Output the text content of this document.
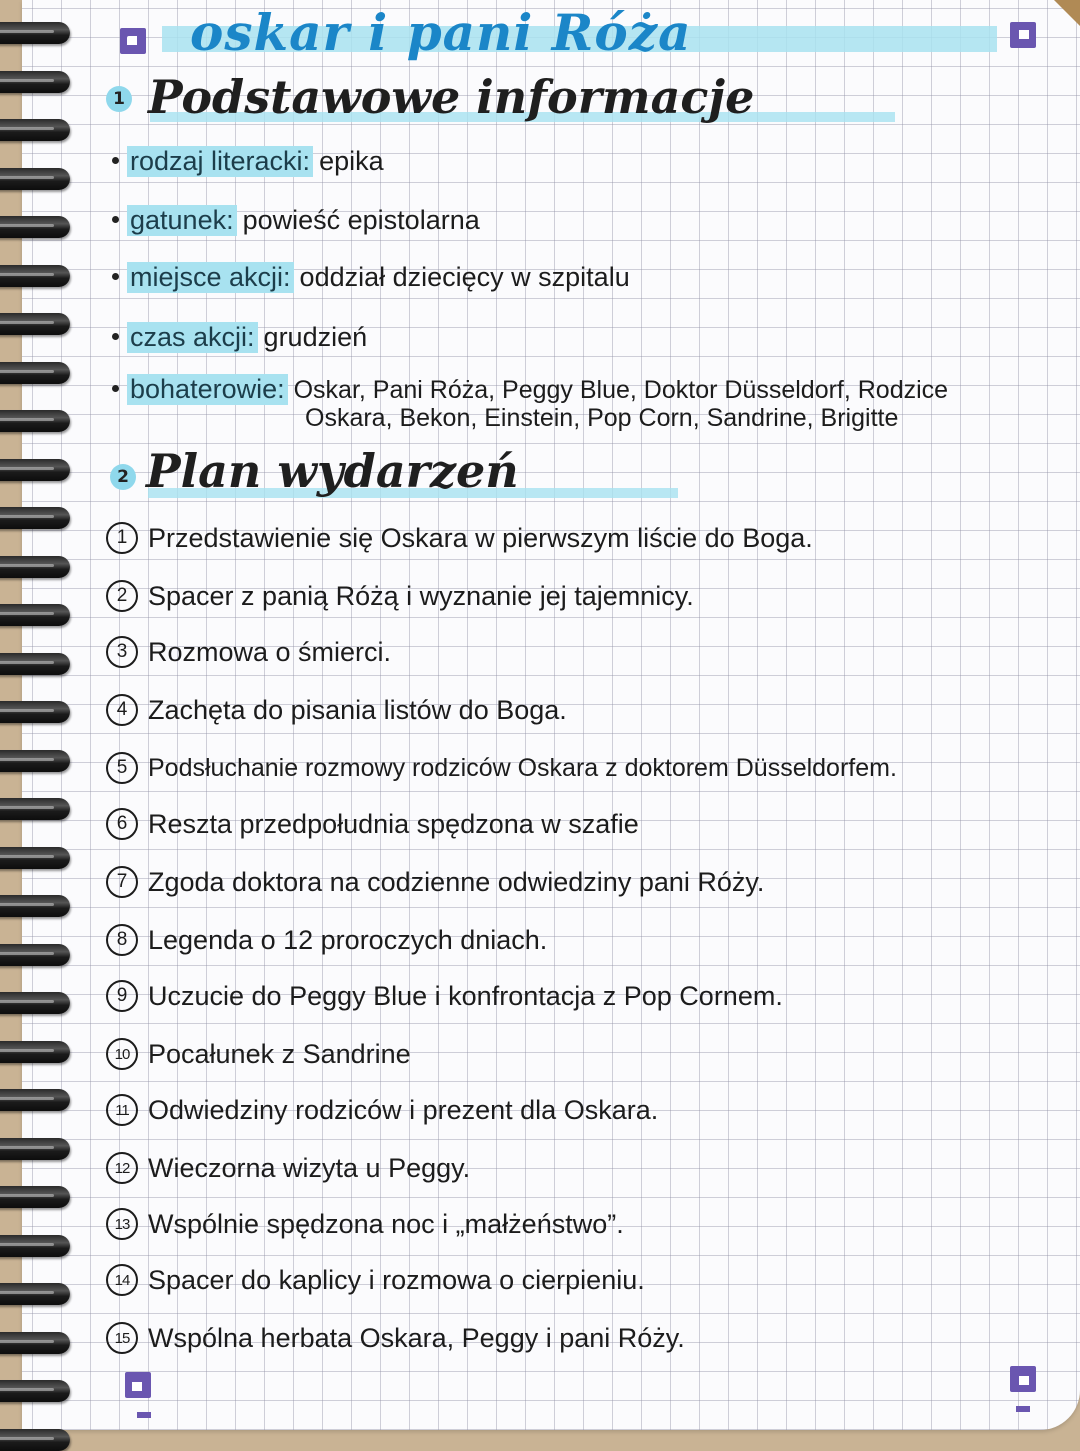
oskar i pani Róża
1 Podstawowe informacje
rodzaj literacki: epika
gatunek: powieść epistolarna
miejsce akcji: oddział dziecięcy w szpitalu
czas akcji: grudzień
bohaterowie: Oskar, Pani Róża, Peggy Blue, Doktor Düsseldorf, Rodzice
Oskara, Bekon, Einstein, Pop Corn, Sandrine, Brigitte
2 Plan wydarzeń
1 Przedstawienie się Oskara w pierwszym liście do Boga.
2 Spacer z panią Różą i wyznanie jej tajemnicy.
3 Rozmowa o śmierci.
4 Zachęta do pisania listów do Boga.
5 Podsłuchanie rozmowy rodziców Oskara z doktorem Düsseldorfem.
6 Reszta przedpołudnia spędzona w szafie
7 Zgoda doktora na codzienne odwiedziny pani Róży.
8 Legenda o 12 proroczych dniach.
9 Uczucie do Peggy Blue i konfrontacja z Pop Cornem.
10 Pocałunek z Sandrine
11 Odwiedziny rodziców i prezent dla Oskara.
12 Wieczorna wizyta u Peggy.
13 Wspólnie spędzona noc i „małżeństwo”.
14 Spacer do kaplicy i rozmowa o cierpieniu.
15 Wspólna herbata Oskara, Peggy i pani Róży.
